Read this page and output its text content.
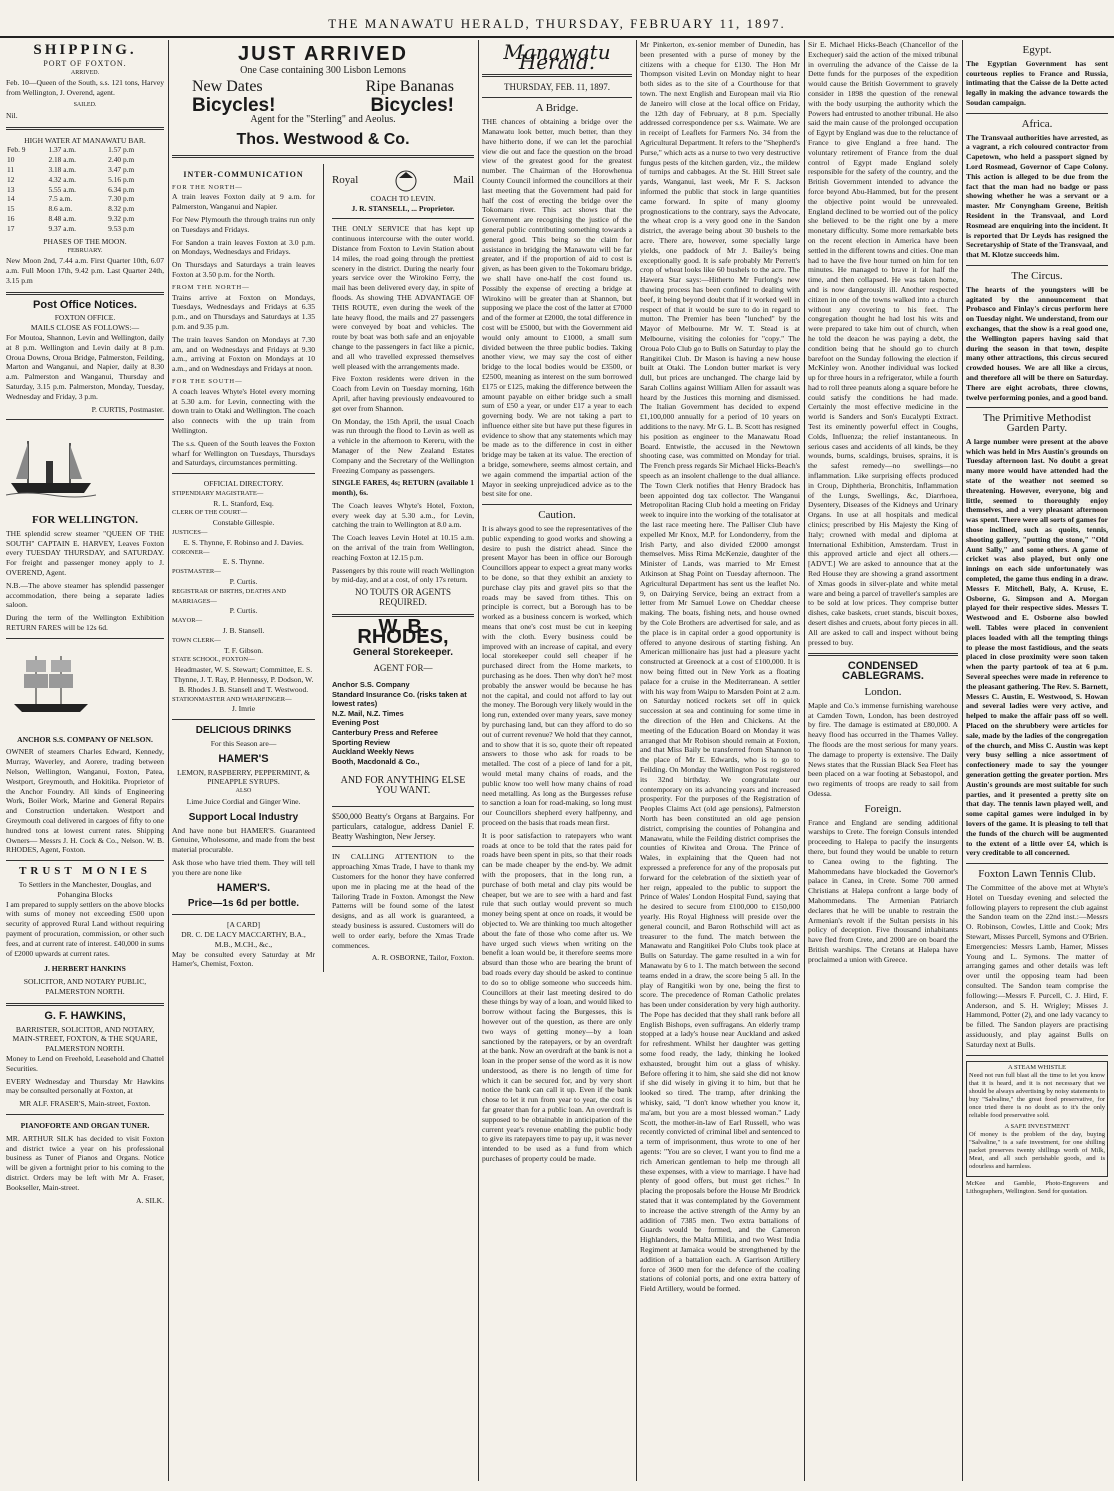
THE MANAWATU HERALD, THURSDAY, FEBRUARY 11, 1897.
SHIPPING.
PORT OF FOXTON.
ARRIVED.

Feb. 10—Queen of the South, s.s. 121 tons, Harvey from Wellington, J. Overend, agent.

SAILED.

Nil.

HIGH WATER AT MANAWATU BAR.
Feb. 9	1.37 a.m.	1.57 p.m
10	2.18 a.m.	2.40 p.m
11	3.18 a.m.	3.47 p.m
12	4.32 a.m.	5.16 p.m
13	5.55 a.m.	6.34 p.m
14	7.5 a.m.	7.30 p.m
15	8.6 a.m.	8.32 p.m
16	8.48 a.m.	9.32 p.m
17	9.37 a.m.	9.53 p.m
PHASES OF THE MOON.
FEBRUARY.

New Moon 2nd, 7.44 a.m. First Quarter 10th, 6.07 a.m. Full Moon 17th, 9.42 p.m. Last Quarter 24th, 3.15 p.m

Post Office Notices.
FOXTON OFFICE.
MAILS CLOSE AS FOLLOWS:—

For Moutoa, Shannon, Levin and Wellington, daily at 8 p.m. Wellington and Levin daily at 8 p.m. Oroua Downs, Oroua Bridge, Palmerston, Feilding, Marton and Wanganui, and Napier, daily at 8.30 a.m. Palmerston and Wanganui, Thursday and Saturday, 3.15 p.m. Palmerston, Monday, Tuesday, Wednesday and Friday, 3 p.m.

P. CURTIS, Postmaster.
FOR WELLINGTON.

THE splendid screw steamer "QUEEN OF THE SOUTH" CAPTAIN E. HARVEY, Leaves Foxton every TUESDAY THURSDAY, and SATURDAY. For freight and passenger money apply to J. OVEREND, Agent.

N.B.—The above steamer has splendid passenger accommodation, there being a separate ladies saloon.

During the term of the Wellington Exhibition RETURN FARES will be 12s 6d.

ANCHOR S.S. COMPANY OF NELSON.

OWNER of steamers Charles Edward, Kennedy, Murray, Waverley, and Aorere, trading between Nelson, Wellington, Wanganui, Foxton, Patea, Westport, Greymouth, and Hokitika. Proprietor of the Anchor Foundry. All kinds of Engineering Work, Boiler Work, Marine and General Repairs and Construction undertaken. Westport and Greymouth coal delivered in cargoes of fifty to one hundred tons at lowest current rates. Shipping Owners— Messrs J. H. Cock & Co., Nelson. W. B. RHODES, Agent, Foxton.

TRUST MONIES
To Settlers in the Manchester, Douglas, and Pohangina Blocks

I am prepared to supply settlers on the above blocks with sums of money not exceeding £500 upon security of approved Rural Land without requiring payment of procuration, commission, or other such fees, and at current rate of interest. £40,000 in sums of £2000 upwards at current rates.

J. HERBERT HANKINS
SOLICITOR, AND NOTARY PUBLIC, PALMERSTON NORTH.
G. F. HAWKINS,
BARRISTER, SOLICITOR, AND NOTARY, MAIN-STREET, FOXTON, & THE SQUARE, PALMERSTON NORTH.

Money to Lend on Freehold, Leasehold and Chattel Securities.

EVERY Wednesday and Thursday Mr Hawkins may be consulted personally at Foxton, at

MR ALF. FRASER'S, Main-street, Foxton.
PIANOFORTE AND ORGAN TUNER.

MR. ARTHUR SILK has decided to visit Foxton and district twice a year on his professional business as Tuner of Pianos and Organs. Notice will be given a fortnight prior to his coming to the district. Orders may be left with Mr A. Fraser, Bookseller, Main-street.

A. SILK.
JUST ARRIVED
One Case containing 300 Lisbon Lemons
New Dates	Ripe Bananas
Bicycles!	Bicycles!
Agent for the "Sterling" and Aeolus.
Thos. Westwood & Co.
INTER-COMMUNICATION
FOR THE NORTH—

A train leaves Foxton daily at 9 a.m. for Palmerston, Wanganui and Napier.

For New Plymouth the through trains run only on Tuesdays and Fridays.

For Sandon a train leaves Foxton at 3.0 p.m. on Mondays, Wednesdays and Fridays.

On Thursdays and Saturdays a train leaves Foxton at 3.50 p.m. for the North.

FROM THE NORTH—

Trains arrive at Foxton on Mondays, Tuesdays, Wednesdays and Fridays at 6.35 p.m., and on Thursdays and Saturdays at 1.35 p.m. and 9.35 p.m.

The train leaves Sandon on Mondays at 7.30 am, and on Wednesdays and Fridays at 9.30 a.m., arriving at Foxton on Mondays at 10 a.m., and on Wednesdays and Fridays at noon.

FOR THE SOUTH—

A coach leaves Whyte's Hotel every morning at 5.30 a.m. for Levin, connecting with the down train to Otaki and Wellington. The coach also connects with the up train from Wellington.

The s.s. Queen of the South leaves the Foxton wharf for Wellington on Tuesdays, Thursdays and Saturdays, circumstances permitting.

OFFICIAL DIRECTORY.
STIPENDIARY MAGISTRATE—
R. L. Stanford, Esq.
CLERK OF THE COURT—
Constable Gillespie.
JUSTICES—
E. S. Thynne, F. Robinso and J. Davies.
CORONER—
E. S. Thynne.
POSTMASTER—
P. Curtis.
REGISTRAR OF BIRTHS, DEATHS AND MARRIAGES—
P. Curtis.
MAYOR—
J. B. Stansell.
TOWN CLERK—
T. F. Gibson.
STATE SCHOOL, FOXTON—
Headmaster, W. S. Stewart; Committee, E. S. Thynne, J. T. Ray, P. Hennessy, P. Dodson, W. B. Rhodes J. B. Stansell and T. Westwood.
STATIONMASTER AND WHARFINGER—
J. Imrie
DELICIOUS DRINKS
For this Season are—
HAMER'S
LEMON, RASPBERRY, PEPPERMINT, & PINEAPPLE SYRUPS.
ALSO
Lime Juice Cordial and Ginger Wine.
Support Local Industry

And have none but HAMER'S. Guaranteed Genuine, Wholesome, and made from the best material procurable.

Ask those who have tried them. They will tell you there are none like

HAMER'S.
Price—1s 6d per bottle.
[A CARD]
DR. C. DE LACY MACCARTHY, B.A., M.B., M.CH., &c.,

May be consulted every Saturday at Mr Hamer's, Chemist, Foxton.

Royal	Mail
COACH TO LEVIN.
J. R. STANSELL, ... Proprietor.

THE ONLY SERVICE that has kept up continuous intercourse with the outer world. Distance from Foxton to Levin Station about 14 miles, the road going through the prettiest scenery in the district. During the nearly four years service over the Wirokino Ferry, the mail has been delivered every day, in spite of floods. As showing THE ADVANTAGE OF THIS ROUTE, even during the week of the late heavy flood, the mails and 27 passengers were conveyed by boat and vehicles. The route by boat was both safe and an enjoyable change to the passengers in fact like a picnic, and all who travelled expressed themselves well pleased with the arrangements made.

Five Foxton residents were driven in the Coach from Levin on Tuesday morning, 16th April, after having previously endeavoured to get over from Shannon.

On Monday, the 15th April, the usual Coach was run through the flood to Levin as well as a vehicle in the afternoon to Kereru, with the Manager of the New Zealand Estates Company and the Secretary of the Wellington Freezing Company as passengers.

SINGLE FARES, 4s; RETURN (available 1 month), 6s.

The Coach leaves Whyte's Hotel, Foxton, every week day at 5.30 a.m., for Levin, catching the train to Wellington at 8.0 a.m.

The Coach leaves Levin Hotel at 10.15 a.m. on the arrival of the train from Wellington, reaching Foxton at 12.15 p.m.

Passengers by this route will reach Wellington by mid-day, and at a cost, of only 17s return.

NO TOUTS OR AGENTS REQUIRED.
W. B. RHODES,
General Storekeeper.
AGENT FOR—
Anchor S.S. Company
Standard Insurance Co. (risks taken at lowest rates)
N.Z. Mail, N.Z. Times
Evening Post
Canterbury Press and Referee
Sporting Review
Auckland Weekly News
Booth, Macdonald & Co.,
AND FOR ANYTHING ELSE YOU WANT.

$500,000 Beatty's Organs at Bargains. For particulars, catalogue, address Daniel F. Beatty Washington, New Jersey.

IN CALLING ATTENTION to the approaching Xmas Trade, I have to thank my Customers for the honor they have conferred upon me in placing me at the head of the Tailoring Trade in Foxton. Amongst the New Patterns will be found some of the latest designs, and as all work is guaranteed, a steady business is assured. Customers will do well to order early, before the Xmas Trade commences.

A. R. OSBORNE, Tailor, Foxton.
Manawatu Herald.
THURSDAY, FEB. 11, 1897.
A Bridge.

THE chances of obtaining a bridge over the Manawatu look better, much better, than they have hitherto done, if we can let the parochial view die out and face the question on the broad view of the greatest good for the greatest number. The Chairman of the Horowhenua County Council informed the councillors at their last meeting that the Government had paid for half the cost of erecting the bridge over the Tokomaru river. This act shows that the Government are recognising the justice of the general public contributing something towards a general good. This being so the claim for assistance in bridging the Manawatu will be far greater, and if the proportion of aid to cost is given, as has been given to the Tokomaru bridge, we shall have one-half the cost found us. Possibly the expense of erecting a bridge at Wirokino will be greater than at Shannon, but supposing we place the cost of the latter at £7000 and of the former at £2000, the total difference in cost will be £5000, but with the Government aid would only amount to £1000, a small sum divided between the three public bodies. Taking another view, we may say the cost of either bridge to the local bodies would be £3500, or £2500, meaning as interest on the sum borrowed £175 or £125, making the difference between the amount payable on either bridge such a small sum of £50 a year, or under £17 a year to each governing body. We are not taking a part to influence either site but have put these figures in evidence to show that any statements which may be made as to the difference in cost in either bridge may be taken at its value. The erection of a bridge, somewhere, seems almost certain, and we again commend the impartial action of the Mayor in seeking unprejudiced advice as to the best site for one.

Caution.

It is always good to see the representatives of the public expending to good works and showing a desire to push the district ahead. Since the present Mayor has been in office our Borough Councillors appear to expect a great many works to be done, so that they exhibit an anxiety to purchase clay pits and gravel pits so that the roads may be saved from tithes. This on principle is correct, but a Borough has to be worked as a business concern is worked, which means that one's cost must be cut in keeping with the cloth. Every business could be improved with an increase of capital, and every local storekeeper could sell cheaper if he purchased direct from the Home markets, to purchasing as he does. Then why don't he? most probably the answer would be because he has not the capital, and could not afford to lay out the money. The Borough very likely would in the long run, extended over many years, save money by purchasing land, but can they afford to do so out of current revenue? We hold that they cannot, and to show that it is so, quote their oft repeated answers to those who ask for roads to be metalled. The cost of a piece of land for a pit, would metal many chains of roads, and the public know too well how many chains of road need metalling. As long as the Burgesses refuse to sanction a loan for road-making, so long must our Councillors shepherd every halfpenny, and proceed on the basis that roads mean first.

It is poor satisfaction to ratepayers who want roads at once to be told that the rates paid for roads have been spent in pits, so that their roads can be made cheaper by the end-by. We admit with the proposers, that in the long run, a purchase of both metal and clay pits would be cheaper, but we are to see with a hard and fast rule that such outlay would prevent so much money being spent at once on roads, it would be objected to. We are thinking too much altogether about the fate of those who come after us. We have urged such views when writing on the benefit a loan would be, it therefore seems more absurd than those who are bearing the brunt of bad roads every day should be asked to continue to do so to oblige someone who succeeds him. Councillors at their last meeting desired to do these things by way of a loan, and would liked to borrow without facing the Burgesses, this is however out of the question, as there are only two ways of getting money—by a loan sanctioned by the ratepayers, or by an overdraft at the bank. Now an overdraft at the bank is not a loan in the proper sense of the word as it is now understood, as there is no length of time for which it can be secured for, and by very short notice the bank can call it up. Even if the bank chose to let it run from year to year, the cost is far greater than for a public loan. An overdraft is supposed to be obtainable in anticipation of the current year's revenue enabling the public body to give its ratepayers time to pay up, it was never intended to be used as a fund from which purchases of property could be made.

Mr Pinkerton, ex-senior member of Dunedin, has been presented with a purse of money by the citizens with a cheque for £130. The Hon Mr Thompson visited Levin on Monday night to hear both sides as to the site of a Courthouse for that town. The next English and European mail via Rio de Janeiro will close at the local office on Friday, the 12th day of February, at 8 p.m. Specially addressed correspondence per s.s. Waimate. We are in receipt of Leaflets for Farmers No. 34 from the Agricultural Department. It refers to the "Shepherd's Purse," which acts as a nurse to two very destructive fungus pests of the kitchen garden, viz., the mildew of turnips and cabbages. At the St. Hill Street sale yards, Wanganui, last week, Mr F. S. Jackson informed the public that stock in large quantities came forward. In spite of many gloomy prognostications to the contrary, says the Advocate, the wheat crop is a very good one in the Sandon district, the average being about 30 bushels to the acre. There are, however, some specially large yields, one paddock of Mr J. Bailey's being exceptionally good. It is safe probably Mr Perrett's crop of wheat looks like 60 bushels to the acre. The Hawera Star says:—Hitherto Mr Furlong's new thawing process has been confined to dealing with beef, it being beyond doubt that if it worked well in respect of that it would be sure to do in regard to mutton. The Premier has been "lunched" by the Mayor of Melbourne. Mr W. T. Stead is at Melbourne, visiting the colonies for "copy." The Oroua Polo Club go to Bulls on Saturday to play the Rangitikei Club. Dr Mason is having a new house built at Otaki. The London butter market is very dull, but prices are unchanged. The charge laid by Sarah Collins against William Allen for assault was heard by the Justices this morning and dismissed. The Italian Government has decided to expend £1,100,000 annually for a period of 10 years on additions to the navy. Mr G. L. B. Scott has resigned his position as engineer to the Manawatu Road Board. Entwistle, the accused in the Newtown shooting case, was committed on Monday for trial. The French press regards Sir Michael Hicks-Beach's speech as an insolent challenge to the dual alliance. The Town Clerk notifies that Henry Bradock has been appointed dog tax collector. The Wanganui Metropolitan Racing Club hold a meeting on Friday week to inquire into the working of the totalisator at the last race meeting here. The Palliser Club have expelled Mr Knox, M.P. for Londonderry, from the Irish Party, and also divided £2000 amongst themselves. Miss Rima McKenzie, daughter of the Minister of Lands, was married to Mr Ernest Atkinson at Shag Point on Tuesday afternoon. The Agricultural Department has sent us the leaflet No. 9, on Dairying Service, being an extract from a letter from Mr Samuel Lowe on Cheddar cheese making. The boats, fishing nets, and house owned by the Cole Brothers are advertised for sale, and as the place is in capital order a good opportunity is offered to anyone desirous of starting fishing. An American millionaire has just had a pleasure yacht constructed at Greenock at a cost of £100,000. It is now being fitted out in New York as a floating palace for a cruise in the Mediterranean. A settler with his way from Waipu to Marsden Point at 2 a.m. on Saturday noticed rockets set off in quick succession at sea and continuing for some time in the direction of the Hen and Chickens. At the meeting of the Education Board on Monday it was arranged that Mr Robison should remain at Foxton, and that Miss Baily be transferred from Shannon to the place of Mr E. Edwards, who is to go to Feilding. On Monday the Wellington Post registered its 32nd birthday. We congratulate our contemporary on its advancing years and increased prosperity. For the purposes of the Registration of Peoples Claims Act (old age pensions), Palmerston North has been constituted an old age pension district, comprising the counties of Pohangina and Manawatu, while the Feilding district comprises the counties of Kiwitea and Oroua. The Prince of Wales, in explaining that the Queen had not expressed a preference for any of the proposals put forward for the celebration of the sixtieth year of her reign, appealed to the public to support the Prince of Wales' London Hospital Fund, saying that he desired to secure from £100,000 to £150,000 yearly. His Royal Highness will preside over the general council, and Baron Rothschild will act as treasurer to the fund. The match between the Manawatu and Rangitikei Polo Clubs took place at Bulls on Saturday. The game resulted in a win for Manawatu by 6 to 1. The match between the second teams ended in a draw, the score being 5 all. In the play of Rangitiki won by one, being the first to score. The precedence of Roman Catholic prelates has been under consideration by very high authority. The Pope has decided that they shall rank before all English Bishops, even suffragans. An elderly tramp stopped at a lady's house near Auckland and asked for refreshment. Whilst her daughter was getting some food ready, the lady, thinking he looked exhausted, brought him out a glass of whisky. Before offering it to him, she said she did not know if she did wisely in giving it to him, but that he looked so tired. The tramp, after drinking the whisky, said, "I don't know whether you know it, ma'am, but you are a most blessed woman." Lady Scott, the mother-in-law of Earl Russell, who was recently convicted of criminal libel and sentenced to a term of imprisonment, thus wrote to one of her agents: "You are so clever, I want you to find me a rich American gentleman to help me through all these expenses, with a view to marriage. I have had plenty of good offers, but must get riches." In placing the proposals before the House Mr Brodrick stated that it was contemplated by the Government to increase the active strength of the Army by an addition of 7385 men. Two extra battalions of Guards would be formed, and the Cameron Highlanders, the Malta Militia, and two West India Regiment at Jamaica would be strengthened by the addition of a battalion each. A Garrison Artillery force of 3600 men for the defence of the coaling stations of colonial ports, and one extra battery of Field Artillery, would be formed.

Sir E. Michael Hicks-Beach (Chancellor of the Exchequer) said the action of the mixed tribunal in overruling the advance of the Caisse de la Dette funds for the purposes of the expedition would cause the British Government to gravely consider in 1898 the question of the renewal with the body usurping the authority which the Powers had entrusted to another tribunal. He also said the main cause of the prolonged occupation of Egypt by England was due to the reluctance of France to give England a free hand. The voluntary retirement of France from the dual control of Egypt made England solely responsible for the safety of the country, and the British Government intended to advance the force beyond Abu-Hammed, but for the present the objective point would be unrevealed. England declined to be worried out of the policy she believed to be the right one by a mere monetary difficulty. Some more remarkable bets on the recent election in America have been settled in the different towns and cities. One man had to have the five hour turned on him for ten minutes. He managed to brave it for half the time, and then collapsed. He was taken home, and is now dangerously ill. Another respected citizen in one of the towns walked into a church without any covering to his feet. The congregation thought he had lost his wits and were prepared to take him out of church, when he told the deacon he was paying a debt, the condition being that he should go to church barefoot on the Sunday following the election if McKinley won. Another individual was locked up for three hours in a refrigerator, while a fourth had to roll three peanuts along a square before he could satisfy the conditions he had made. Certainly the most effective medicine in the world is Sanders and Son's Eucalypti Extract. Test its eminently powerful effect in Coughs, Colds, Influenza; the relief instantaneous. In serious cases and accidents of all kinds, be they wounds, burns, scaldings, bruises, sprains, it is the safest remedy—no swellings—no inflammation. Like surprising effects produced in Croup, Diphtheria, Bronchitis, Inflammation of the Lungs, Swellings, &c, Diarrhoea, Dysentery, Diseases of the Kidneys and Urinary Organs. In use at all hospitals and medical clinics; prescribed by His Majesty the King of Italy; crowned with medal and diploma at International Exhibition, Amsterdam. Trust in this approved article and eject all others.—[ADVT.] We are asked to announce that at the Red House they are showing a grand assortment of Xmas goods in silver-plate and white metal ware and being a parcel of traveller's samples are to be sold at low prices. They comprise butter dishes, cake baskets, cruet stands, biscuit boxes, desert dishes and cruets, about forty pieces in all. All are asked to call and inspect without being pressed to buy.

CONDENSED CABLEGRAMS.
London.

Maple and Co.'s immense furnishing warehouse at Camden Town, London, has been destroyed by fire. The damage is estimated at £80,000. A heavy flood has occurred in the Thames Valley. The floods are the most serious for many years. The damage to property is extensive. The Daily News states that the Russian Black Sea Fleet has been placed on a war footing at Sebastopol, and two regiments of troops are ready to sail from Odessa.

Foreign.

France and England are sending additional warships to Crete. The foreign Consuls intended proceeding to Halepa to pacify the insurgents there, but found they would be unable to return to Canea owing to the fighting. The Mahommedans have blockaded the Governor's palace in Canea, in Crete. Some 700 armed Christians at Halepa confront a large body of Mahommedans. The Armenian Patriarch declares that he will be unable to restrain the Armenian's revolt if the Sultan persists in his policy of deception. Five thousand inhabitants have fled from Crete, and 2000 are on board the British warships. The Cretans at Halepa have proclaimed a union with Greece.

Egypt.

The Egyptian Government has sent courteous replies to France and Russia, intimating that the Caisse de la Dette acted legally in making the advance towards the Soudan campaign.

Africa.

The Transvaal authorities have arrested, as a vagrant, a rich coloured contractor from Capetown, who held a passport signed by Lord Rosmead, Governor of Cape Colony. This action is alleged to be due from the fact that the man had no badge or pass showing whether he was a servant or a master. Mr Conyngham Greene, British Resident in the Transvaal, and Lord Rosmead are enquiring into the incident. It is reported that Dr Leyds has resigned the Secretaryship of State of the Transvaal, and that M. Klotze succeeds him.

The Circus.

The hearts of the youngsters will be agitated by the announcement that Probasco and Finlay's circus perform here on Tuesday night. We understand, from our exchanges, that the show is a real good one, the Wellington papers having said that during the season in that town, despite many other attractions, this circus secured crowded houses. We are all like a circus, and therefore all will be there on Saturday. There are eight acrobats, three clowns, twelve performing ponies, and a good band.

The Primitive Methodist Garden Party.

A large number were present at the above which was held in Mrs Austin's grounds on Tuesday afternoon last. No doubt a great many more would have attended had the state of the weather not seemed so threatening. However, everyone, big and little, seemed to thoroughly enjoy themselves, and a very pleasant afternoon was spent. There were all sorts of games for those inclined, such as quoits, tennis, shooting gallery, "putting the stone," "Old Aunt Sally," and some others. A game of cricket was also played, but only one innings on each side unfortunately was completed, the game thus ending in a draw. Messrs F. Mitchell, Baly, A. Kruse, E. Osborne, G. Simpson and A. Morgan played for their respective sides. Messrs T. Westwood and E. Osborne also bowled well. Tables were placed in convenient places loaded with all the tempting things to please the most fastidious, and the seats placed in close proximity were soon taken when the party partook of tea at 6 p.m. Several speeches were made in reference to the pleasant gathering. The Rev. S. Barnett, Messrs C. Austin, E. Westwood, S. Howan and several ladies were very active, and helped to make the affair pass off so well. Placed on the shrubbery were articles for sale, made by the ladies of the congregation of the church, and Miss C. Austin was kept very busy selling a nice assortment of confectionery made to say the younger generation getting the greater portion. Mrs Austin's grounds are most suitable for such parties, and it presented a pretty site on that day. The tennis lawn played well, and some capital games were indulged in by lovers of the game. It is pleasing to tell that the funds of the church will be augmented to the extent of a little over £4, which is very creditable to all concerned.

Foxton Lawn Tennis Club.

The Committee of the above met at Whyte's Hotel on Tuesday evening and selected the following players to represent the club against the Sandon team on the 22nd inst.:—Messrs O. Robinson, Cowles, Little and Cook; Mrs Stewart, Misses Purcell, Symons and O'Brien. Emergencies: Messrs Lamb, Hamer, Misses Young and L. Symons. The matter of arranging games and other details was left over until the opposing team had been consulted. The Sandon team comprise the following:—Messrs F. Purcell, C. J. Hird, F. Anderson, and S. H. Wrigley; Misses J. Hammond, Potter (2), and one lady vacancy to be filled. The Sandon players are practising assiduously, and play against Bulls on Saturday next at Bulls.

A STEAM WHISTLE

Need not run full blast all the time to let you know that it is heard, and it is not necessary that we should be always advertising by noisy statements to buy "Salvaline," the great food preservative, for once tried there is no doubt as to it's the only reliable food preservative sold.

A SAFE INVESTMENT

Of money is the problem of the day, buying "Salvaline," is a safe investment, for one shilling packet preserves twenty shillings worth of Milk, Meat, and all such perishable goods, and is odourless and harmless.

McKee and Gamble, Photo-Engravers and Lithographers, Wellington. Send for quotation.
